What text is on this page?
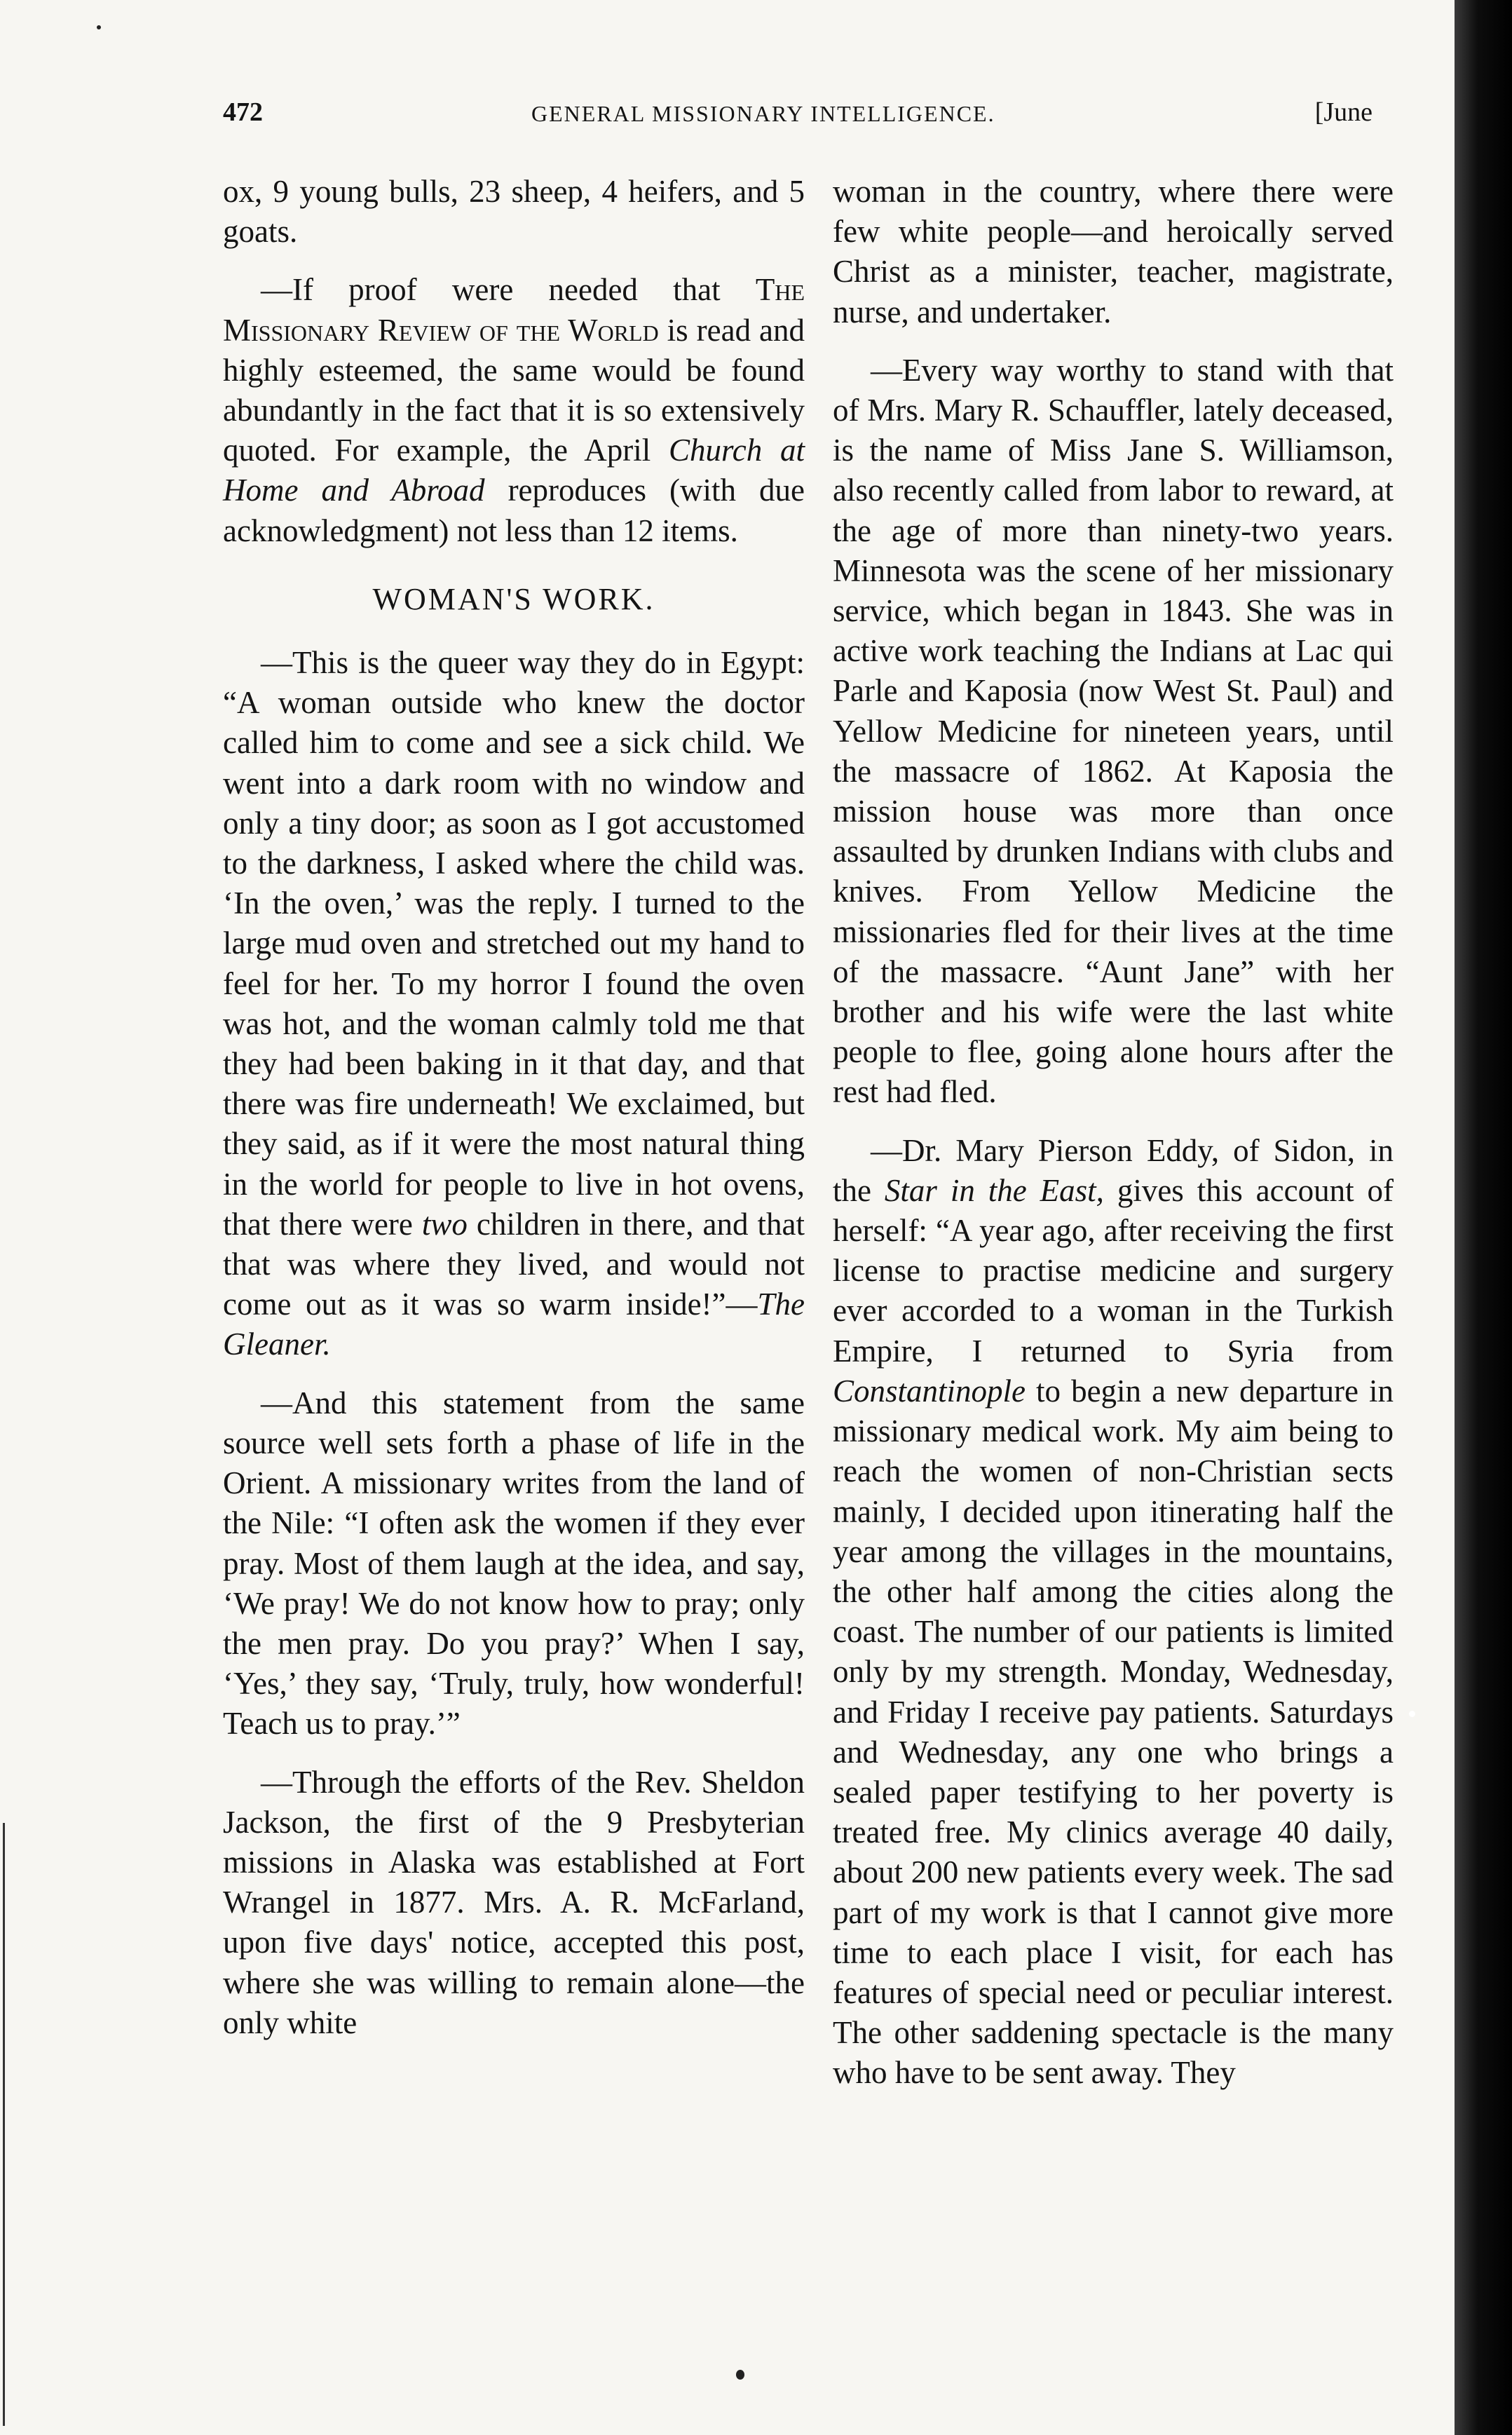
472	GENERAL MISSIONARY INTELLIGENCE.	[June

ox, 9 young bulls, 23 sheep, 4 heifers, and 5 goats.

—If proof were needed that The Missionary Review of the World is read and highly esteemed, the same would be found abundantly in the fact that it is so extensively quoted. For example, the April Church at Home and Abroad reproduces (with due acknowledgment) not less than 12 items.

WOMAN'S WORK.

—This is the queer way they do in Egypt: “A woman outside who knew the doctor called him to come and see a sick child. We went into a dark room with no window and only a tiny door; as soon as I got accustomed to the darkness, I asked where the child was. ‘In the oven,’ was the reply. I turned to the large mud oven and stretched out my hand to feel for her. To my horror I found the oven was hot, and the woman calmly told me that they had been baking in it that day, and that there was fire underneath! We exclaimed, but they said, as if it were the most natural thing in the world for people to live in hot ovens, that there were two children in there, and that that was where they lived, and would not come out as it was so warm inside!”—The Gleaner.

—And this statement from the same source well sets forth a phase of life in the Orient. A missionary writes from the land of the Nile: “I often ask the women if they ever pray. Most of them laugh at the idea, and say, ‘We pray! We do not know how to pray; only the men pray. Do you pray?’ When I say, ‘Yes,’ they say, ‘Truly, truly, how wonderful! Teach us to pray.’”

—Through the efforts of the Rev. Sheldon Jackson, the first of the 9 Presbyterian missions in Alaska was established at Fort Wrangel in 1877. Mrs. A. R. McFarland, upon five days' notice, accepted this post, where she was willing to remain alone—the only white

woman in the country, where there were few white people—and heroically served Christ as a minister, teacher, magistrate, nurse, and undertaker.

—Every way worthy to stand with that of Mrs. Mary R. Schauffler, lately deceased, is the name of Miss Jane S. Williamson, also recently called from labor to reward, at the age of more than ninety-two years. Minnesota was the scene of her missionary service, which began in 1843. She was in active work teaching the Indians at Lac qui Parle and Kaposia (now West St. Paul) and Yellow Medicine for nineteen years, until the massacre of 1862. At Kaposia the mission house was more than once assaulted by drunken Indians with clubs and knives. From Yellow Medicine the missionaries fled for their lives at the time of the massacre. “Aunt Jane” with her brother and his wife were the last white people to flee, going alone hours after the rest had fled.

—Dr. Mary Pierson Eddy, of Sidon, in the Star in the East, gives this account of herself: “A year ago, after receiving the first license to practise medicine and surgery ever accorded to a woman in the Turkish Empire, I returned to Syria from Constantinople to begin a new departure in missionary medical work. My aim being to reach the women of non-Christian sects mainly, I decided upon itinerating half the year among the villages in the mountains, the other half among the cities along the coast. The number of our patients is limited only by my strength. Monday, Wednesday, and Friday I receive pay patients. Saturdays and Wednesday, any one who brings a sealed paper testifying to her poverty is treated free. My clinics average 40 daily, about 200 new patients every week. The sad part of my work is that I cannot give more time to each place I visit, for each has features of special need or peculiar interest. The other saddening spectacle is the many who have to be sent away. They
